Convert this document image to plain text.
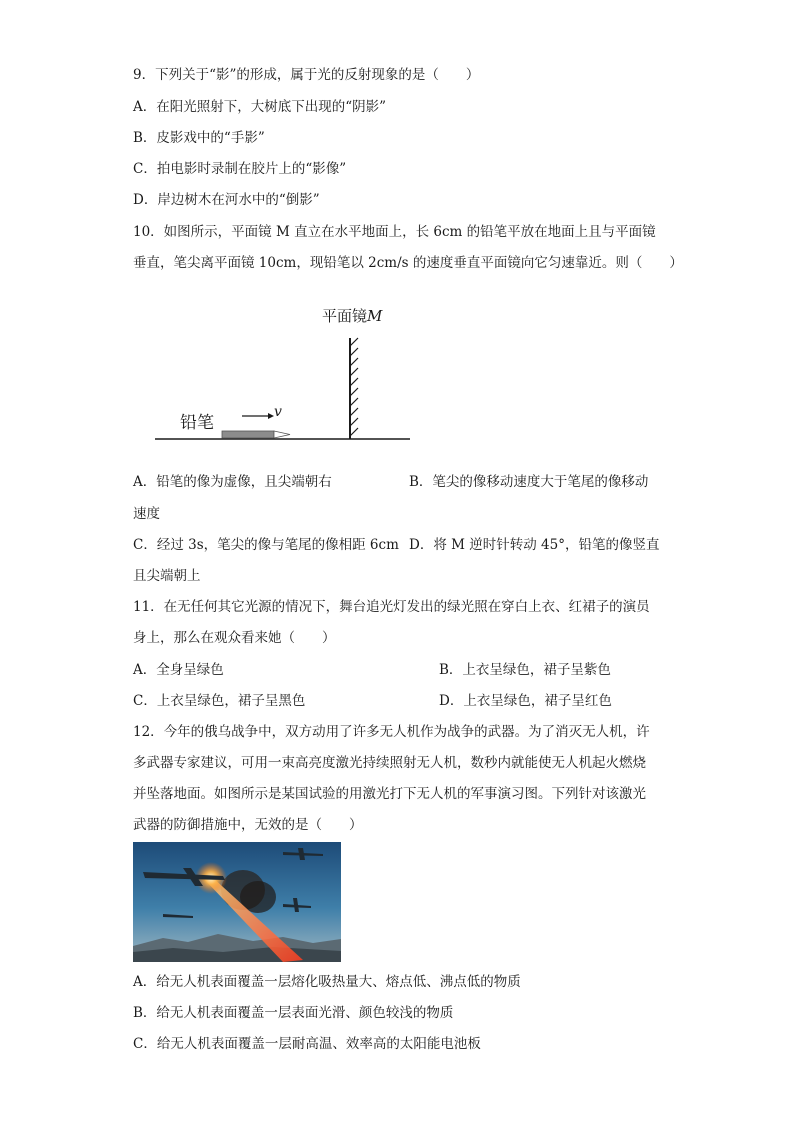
9．下列关于“影”的形成，属于光的反射现象的是（　　）
A．在阳光照射下，大树底下出现的“阴影”
B．皮影戏中的“手影”
C．拍电影时录制在胶片上的“影像”
D．岸边树木在河水中的“倒影”
10．如图所示，平面镜 M 直立在水平地面上，长 6cm 的铅笔平放在地面上且与平面镜
垂直，笔尖离平面镜 10cm，现铅笔以 2cm/s 的速度垂直平面镜向它匀速靠近。则（　　）
平面镜M
铅笔
v
A．铅笔的像为虚像，且尖端朝右	B．笔尖的像移动速度大于笔尾的像移动
速度
C．经过 3s，笔尖的像与笔尾的像相距 6cm D．将 M 逆时针转动 45°，铅笔的像竖直
且尖端朝上
11．在无任何其它光源的情况下，舞台追光灯发出的绿光照在穿白上衣、红裙子的演员
身上，那么在观众看来她（　　）
A．全身呈绿色	B．上衣呈绿色，裙子呈紫色
C．上衣呈绿色，裙子呈黑色	D．上衣呈绿色，裙子呈红色
12．今年的俄乌战争中，双方动用了许多无人机作为战争的武器。为了消灭无人机，许
多武器专家建议，可用一束高亮度激光持续照射无人机，数秒内就能使无人机起火燃烧
并坠落地面。如图所示是某国试验的用激光打下无人机的军事演习图。下列针对该激光
武器的防御措施中，无效的是（　　）
A．给无人机表面覆盖一层熔化吸热量大、熔点低、沸点低的物质
B．给无人机表面覆盖一层表面光滑、颜色较浅的物质
C．给无人机表面覆盖一层耐高温、效率高的太阳能电池板
